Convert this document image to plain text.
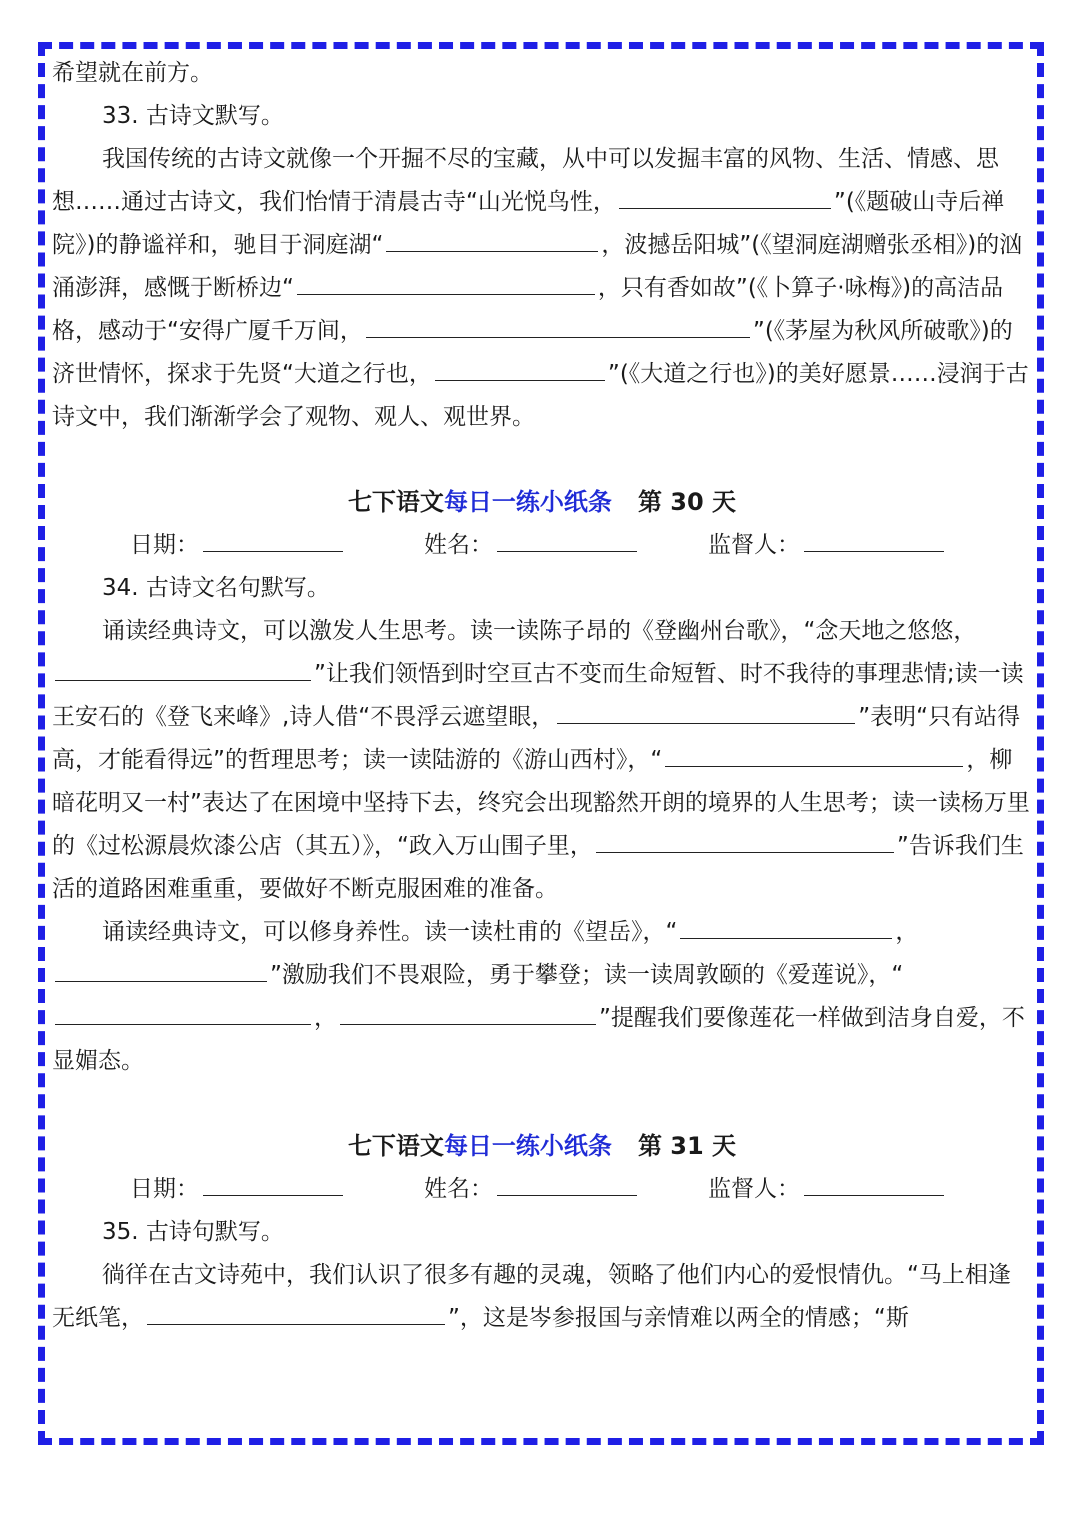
希望就在前方。

33. 古诗文默写。

我国传统的古诗文就像一个开掘不尽的宝藏，从中可以发掘丰富的风物、生活、情感、思想……通过古诗文，我们怡情于清晨古寺“山光悦鸟性，	”(《题破山寺后禅院》)的静谧祥和，驰目于洞庭湖“	，波撼岳阳城”(《望洞庭湖赠张丞相》)的汹涌澎湃，感慨于断桥边“	，只有香如故”(《卜算子·咏梅》)的高洁品格，感动于“安得广厦千万间，	”(《茅屋为秋风所破歌》)的济世情怀，探求于先贤“大道之行也，	”(《大道之行也》)的美好愿景……浸润于古诗文中，我们渐渐学会了观物、观人、观世界。

七下语文每日一练小纸条 第 30 天

日期：	姓名：	监督人：

34. 古诗文名句默写。

诵读经典诗文，可以激发人生思考。读一读陈子昂的《登幽州台歌》，“念天地之悠悠，”让我们领悟到时空亘古不变而生命短暂、时不我待的事理悲情;读一读王安石的《登飞来峰》,诗人借“不畏浮云遮望眼，	”表明“只有站得高，才能看得远”的哲理思考；读一读陆游的《游山西村》，“	，柳暗花明又一村”表达了在困境中坚持下去，终究会出现豁然开朗的境界的人生思考；读一读杨万里的《过松源晨炊漆公店（其五）》，“政入万山围子里，	”告诉我们生活的道路困难重重，要做好不断克服困难的准备。

诵读经典诗文，可以修身养性。读一读杜甫的《望岳》，“	，”激励我们不畏艰险，勇于攀登；读一读周敦颐的《爱莲说》，“，	”提醒我们要像莲花一样做到洁身自爱，不显媚态。

七下语文每日一练小纸条 第 31 天

日期：	姓名：	监督人：

35. 古诗句默写。

徜徉在古文诗苑中，我们认识了很多有趣的灵魂，领略了他们内心的爱恨情仇。“马上相逢无纸笔，	”，这是岑参报国与亲情难以两全的情感；“斯
